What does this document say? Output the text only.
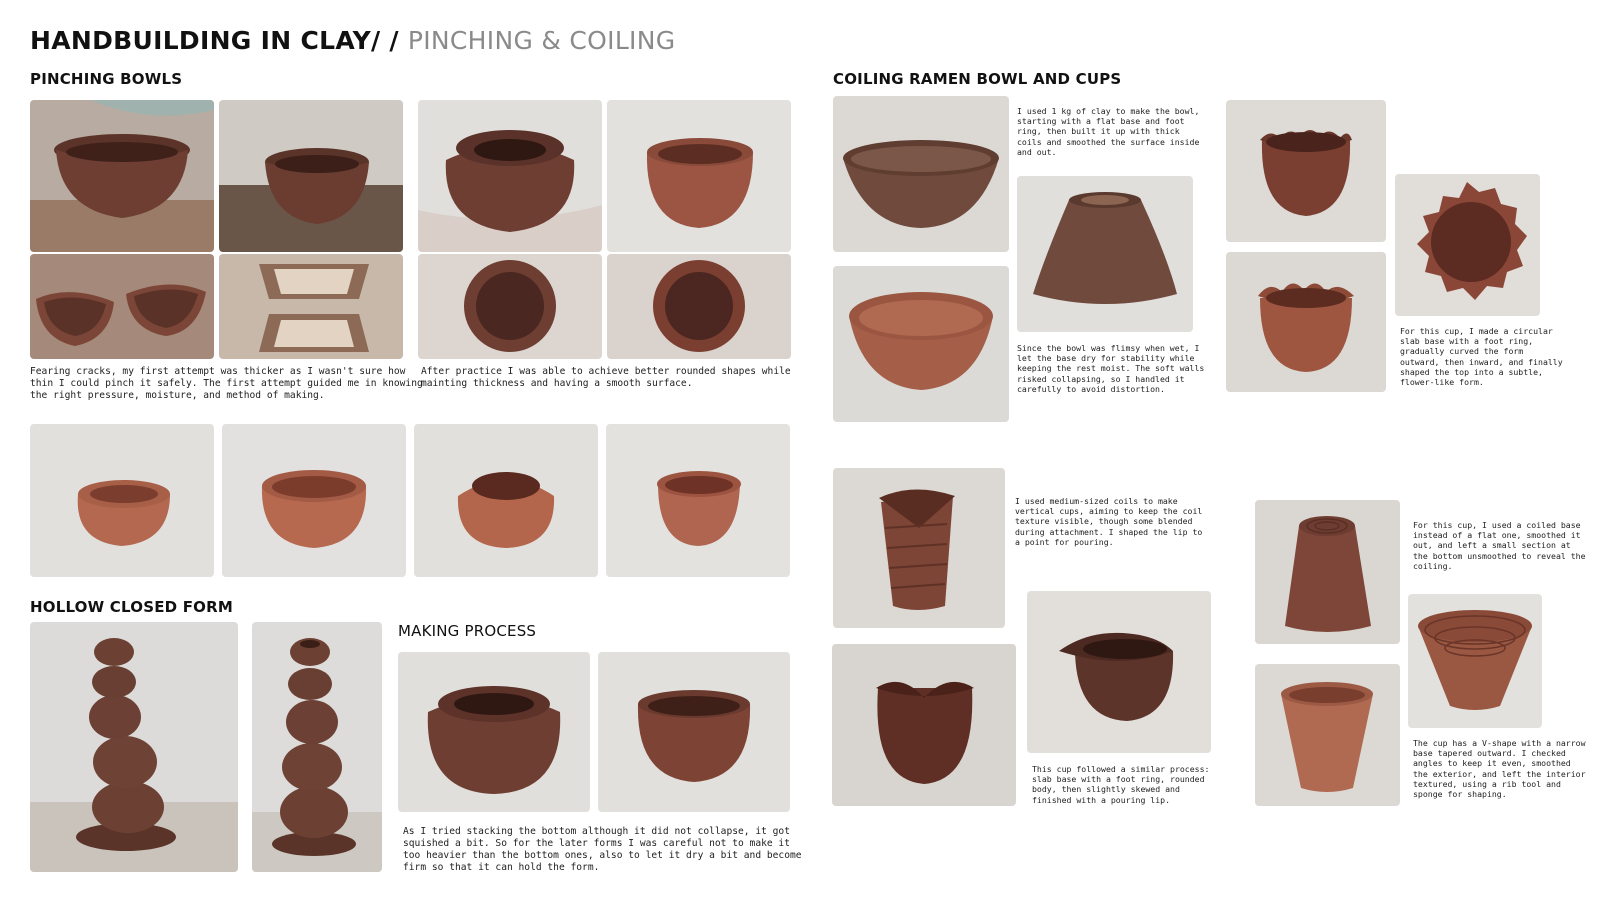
HANDBUILDING IN CLAY/ / PINCHING & COILING
PINCHING BOWLS	COILING RAMEN BOWL AND CUPS
HOLLOW CLOSED FORM
MAKING PROCESS
Fearing cracks, my first attempt was thicker as I wasn't sure how
thin I could pinch it safely. The first attempt guided me in knowing
the right pressure, moisture, and method of making.
After practice I was able to achieve better rounded shapes while
mainting thickness and having a smooth surface.
As I tried stacking the bottom although it did not collapse, it got
squished a bit. So for the later forms I was careful not to make it
too heavier than the bottom ones, also to let it dry a bit and become
firm so that it can hold the form.
I used 1 kg of clay to make the bowl,
starting with a flat base and foot
ring, then built it up with thick
coils and smoothed the surface inside
and out.
Since the bowl was flimsy when wet, I
let the base dry for stability while
keeping the rest moist. The soft walls
risked collapsing, so I handled it
carefully to avoid distortion.
For this cup, I made a circular
slab base with a foot ring,
gradually curved the form
outward, then inward, and finally
shaped the top into a subtle,
flower-like form.
I used medium-sized coils to make
vertical cups, aiming to keep the coil
texture visible, though some blended
during attachment. I shaped the lip to
a point for pouring.
This cup followed a similar process:
slab base with a foot ring, rounded
body, then slightly skewed and
finished with a pouring lip.
For this cup, I used a coiled base
instead of a flat one, smoothed it
out, and left a small section at
the bottom unsmoothed to reveal the
coiling.
The cup has a V-shape with a narrow
base tapered outward. I checked
angles to keep it even, smoothed
the exterior, and left the interior
textured, using a rib tool and
sponge for shaping.
